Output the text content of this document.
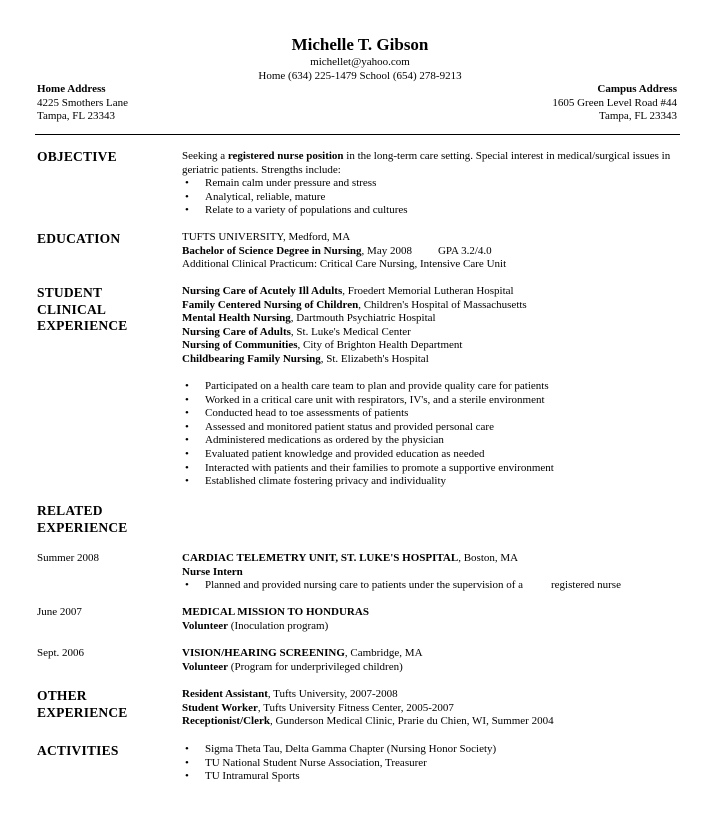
Michelle T. Gibson
michellet@yahoo.com
Home (634) 225-1479 School (654) 278-9213
Home Address
4225 Smothers Lane
Tampa, FL 23343
Campus Address
1605 Green Level Road #44
Tampa, FL 23343
OBJECTIVE	Seeking a registered nurse position in the long-term care setting. Special interest in medical/surgical issues in geriatric patients. Strengths include:
• Remain calm under pressure and stress
• Analytical, reliable, mature
• Relate to a variety of populations and cultures
EDUCATION	TUFTS UNIVERSITY, Medford, MA
Bachelor of Science Degree in Nursing, May 2008 GPA 3.2/4.0
Additional Clinical Practicum: Critical Care Nursing, Intensive Care Unit
STUDENT
CLINICAL
EXPERIENCE
Nursing Care of Acutely Ill Adults, Froedert Memorial Lutheran Hospital
Family Centered Nursing of Children, Children's Hospital of Massachusetts
Mental Health Nursing, Dartmouth Psychiatric Hospital
Nursing Care of Adults, St. Luke's Medical Center
Nursing of Communities, City of Brighton Health Department
Childbearing Family Nursing, St. Elizabeth's Hospital
• Participated on a health care team to plan and provide quality care for patients
• Worked in a critical care unit with respirators, IV's, and a sterile environment
• Conducted head to toe assessments of patients
• Assessed and monitored patient status and provided personal care
• Administered medications as ordered by the physician
• Evaluated patient knowledge and provided education as needed
• Interacted with patients and their families to promote a supportive environment
• Established climate fostering privacy and individuality
RELATED
EXPERIENCE
Summer 2008	CARDIAC TELEMETRY UNIT, ST. LUKE'S HOSPITAL, Boston, MA
Nurse Intern
• Planned and provided nursing care to patients under the supervision of a	registered nurse
June 2007	MEDICAL MISSION TO HONDURAS
Volunteer (Inoculation program)
Sept. 2006	VISION/HEARING SCREENING, Cambridge, MA
Volunteer (Program for underprivileged children)
OTHER
EXPERIENCE
Resident Assistant, Tufts University, 2007-2008
Student Worker, Tufts University Fitness Center, 2005-2007
Receptionist/Clerk, Gunderson Medical Clinic, Prarie du Chien, WI, Summer 2004
ACTIVITIES
•	Sigma Theta Tau, Delta Gamma Chapter (Nursing Honor Society)
• TU National Student Nurse Association, Treasurer
• TU Intramural Sports
